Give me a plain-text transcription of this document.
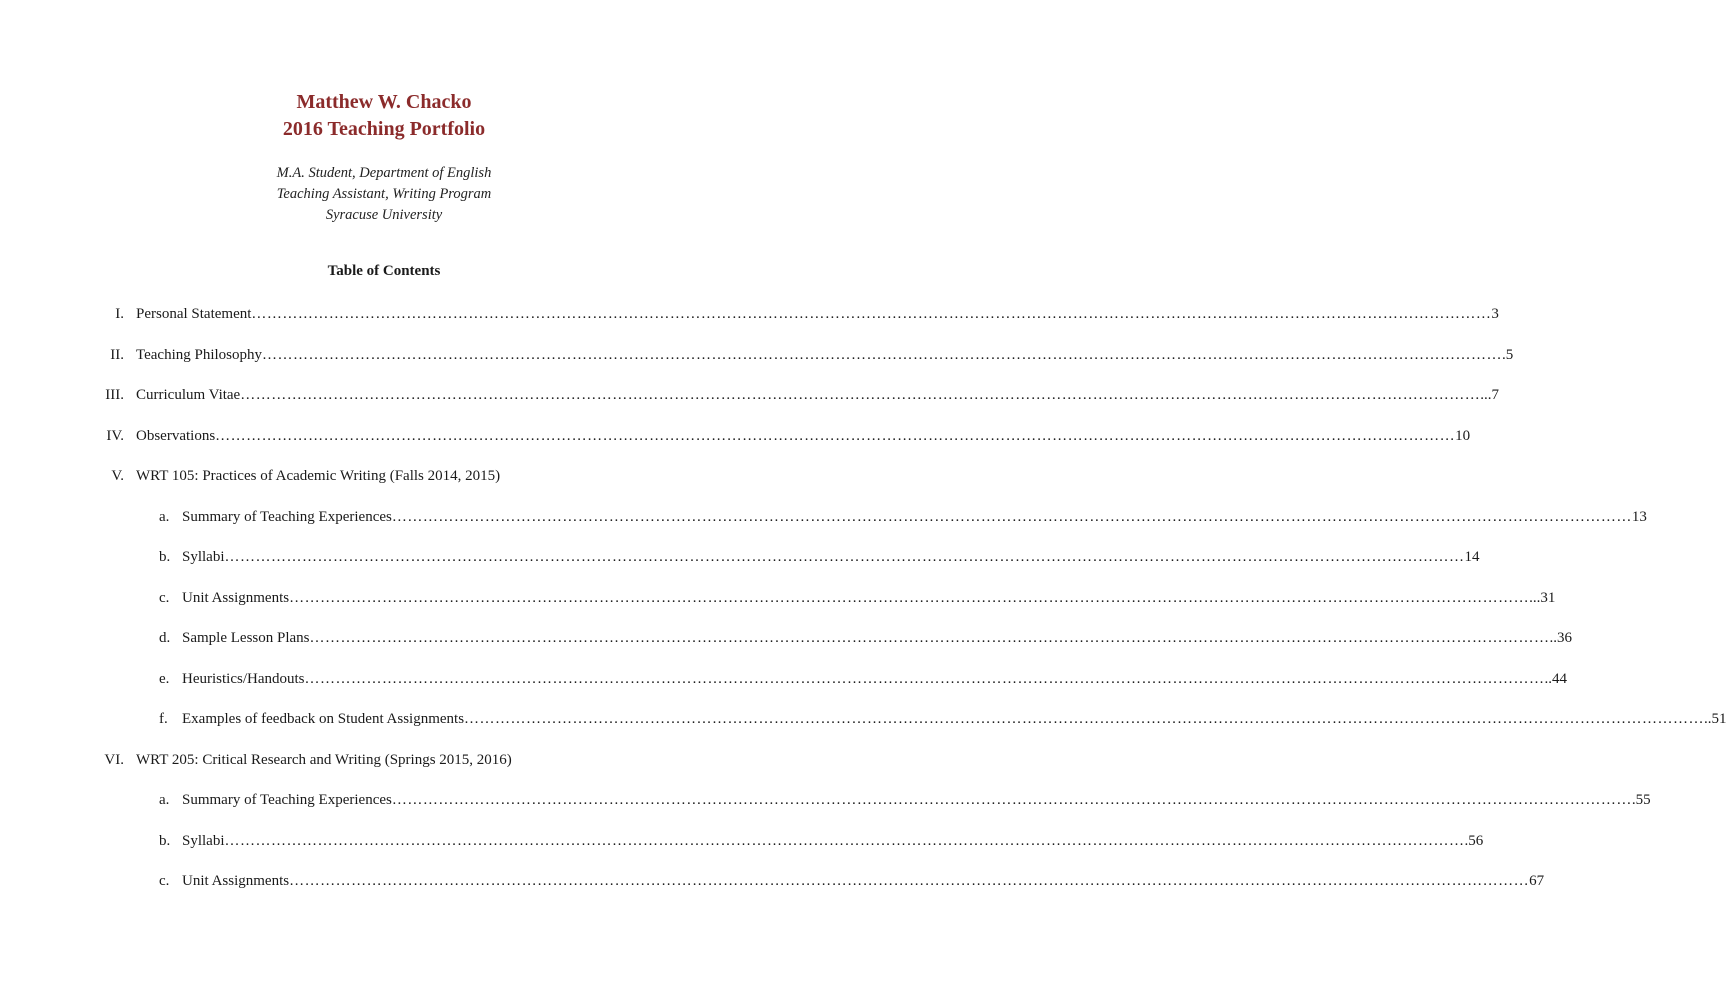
Matthew W. Chacko
2016 Teaching Portfolio
M.A. Student, Department of English
Teaching Assistant, Writing Program
Syracuse University
Table of Contents
I. Personal Statement …………………………………………………………………………………………………………………………………………………………………………………………………………………… 3
II. Teaching Philosophy …………………………………………………………………………………………………………………………………………………………………………………………………………………… .5
III. Curriculum Vitae …………………………………………………………………………………………………………………………………………………………………………………………………………………… ...7
IV. Observations …………………………………………………………………………………………………………………………………………………………………………………………………………………… 10
V. WRT 105: Practices of Academic Writing (Falls 2014, 2015)
a. Summary of Teaching Experiences …………………………………………………………………………………………………………………………………………………………………………………………………………………… 13
b. Syllabi …………………………………………………………………………………………………………………………………………………………………………………………………………………… 14
c. Unit Assignments …………………………………………………………………………………………………………………………………………………………………………………………………………………… ...31
d. Sample Lesson Plans …………………………………………………………………………………………………………………………………………………………………………………………………………………… ..36
e. Heuristics/Handouts …………………………………………………………………………………………………………………………………………………………………………………………………………………… ..44
f. Examples of feedback on Student Assignments …………………………………………………………………………………………………………………………………………………………………………………………………………………… ..51
VI. WRT 205: Critical Research and Writing (Springs 2015, 2016)
a. Summary of Teaching Experiences …………………………………………………………………………………………………………………………………………………………………………………………………………………… .55
b. Syllabi …………………………………………………………………………………………………………………………………………………………………………………………………………………… .56
c. Unit Assignments …………………………………………………………………………………………………………………………………………………………………………………………………………………… 67
